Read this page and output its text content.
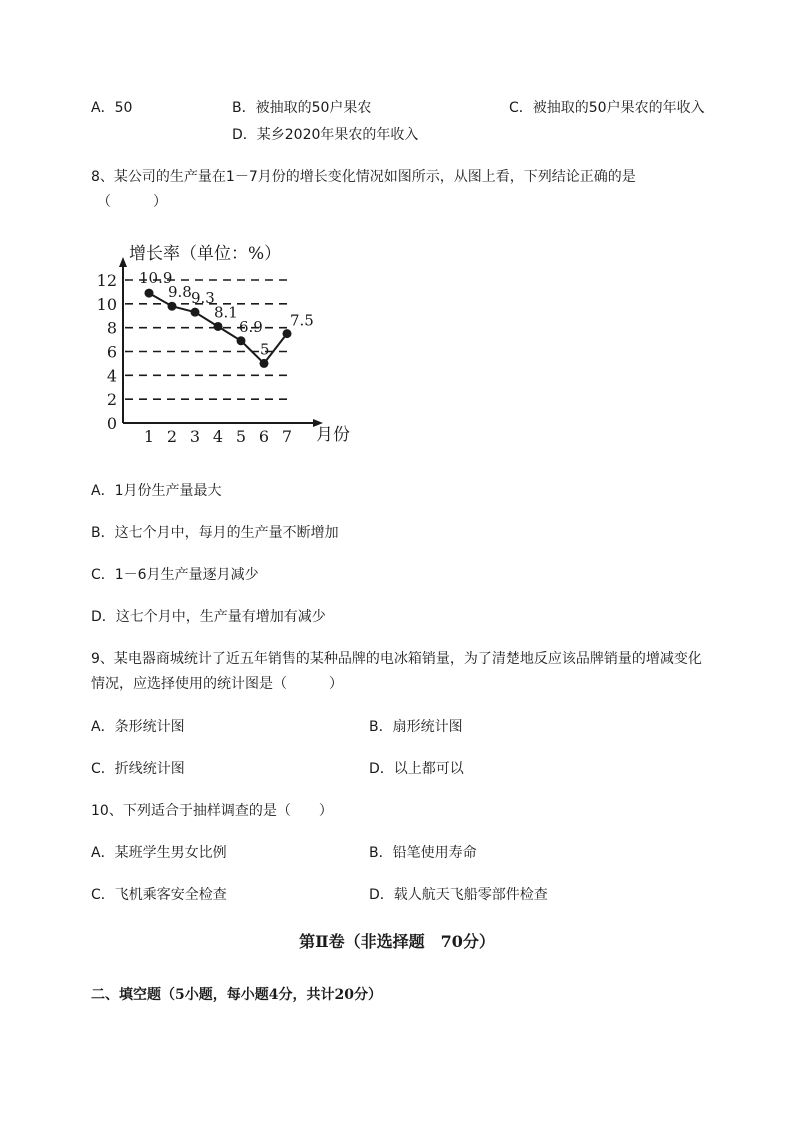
A．50	B．被抽取的50户果农	C．被抽取的50户果农的年收入
D．某乡2020年果农的年收入
8、某公司的生产量在1－7月份的增长变化情况如图所示，从图上看，下列结论正确的是
（　　　）
增长率（单位：%）
月份
0
2
4
6
8
10
12
1 2 3 4 5 6 7
10.9
9.8 9.3
8.1
6.9
5
7.5
A．1月份生产量最大
B．这七个月中，每月的生产量不断增加
C．1－6月生产量逐月减少
D．这七个月中，生产量有增加有减少
9、某电器商城统计了近五年销售的某种品牌的电冰箱销量，为了清楚地反应该品牌销量的增减变化
情况，应选择使用的统计图是（　　　）
A．条形统计图	B．扇形统计图
C．折线统计图	D．以上都可以
10、下列适合于抽样调查的是（　　）
A．某班学生男女比例	B．铅笔使用寿命
C．飞机乘客安全检查	D．载人航天飞船零部件检查
第Ⅱ卷（非选择题　70分）
二、填空题（5小题，每小题4分，共计20分）
